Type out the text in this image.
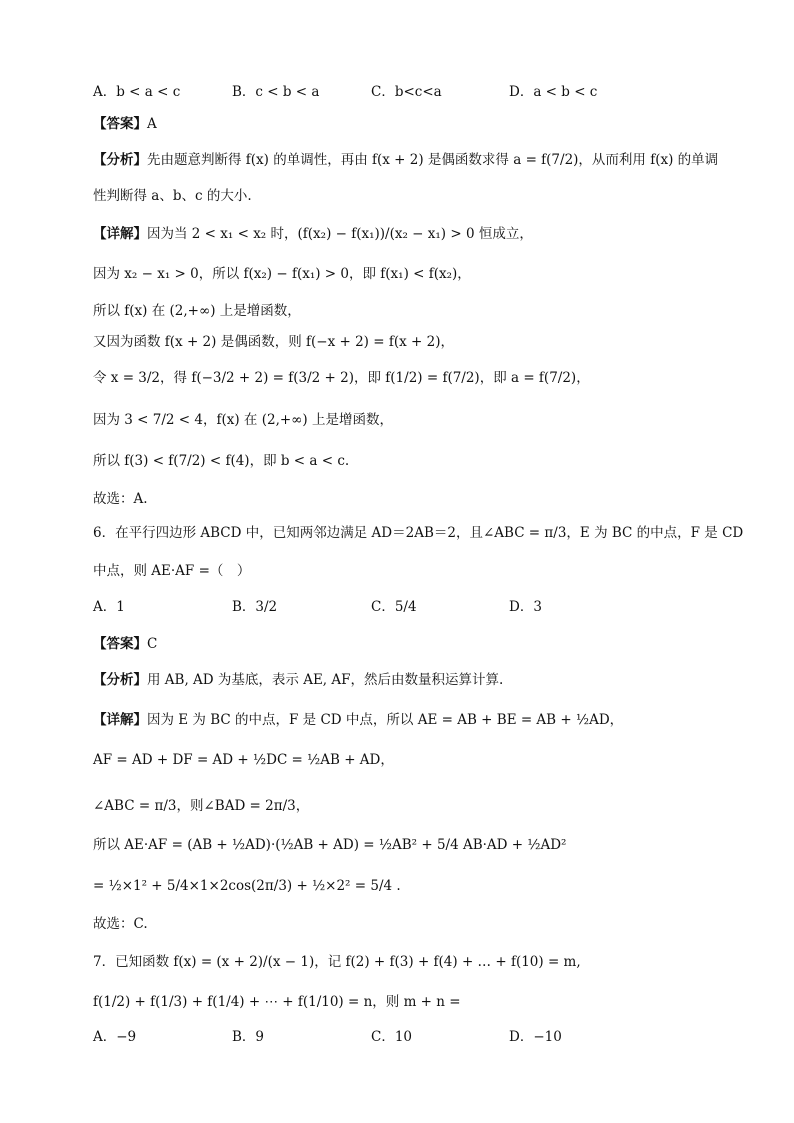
A．b < a < c	B．c < b < a	C．b<c<a	D．a < b < c
【答案】A
【分析】先由题意判断得 f(x) 的单调性，再由 f(x + 2) 是偶函数求得 a = f(7/2)，从而利用 f(x) 的单调
性判断得 a、b、c 的大小.
【详解】因为当 2 < x₁ < x₂ 时，(f(x₂) − f(x₁))/(x₂ − x₁) > 0 恒成立，
因为 x₂ − x₁ > 0，所以 f(x₂) − f(x₁) > 0，即 f(x₁) < f(x₂)，
所以 f(x) 在 (2,+∞) 上是增函数，
又因为函数 f(x + 2) 是偶函数，则 f(−x + 2) = f(x + 2)，
令 x = 3/2，得 f(−3/2 + 2) = f(3/2 + 2)，即 f(1/2) = f(7/2)，即 a = f(7/2)，
因为 3 < 7/2 < 4，f(x) 在 (2,+∞) 上是增函数，
所以 f(3) < f(7/2) < f(4)，即 b < a < c.
故选：A.
6．在平行四边形 ABCD 中，已知两邻边满足 AD＝2AB＝2，且∠ABC = π/3，E 为 BC 的中点，F 是 CD
中点，则 AE·AF =（　）
A．1	B．3/2	C．5/4	D．3
【答案】C
【分析】用 AB, AD 为基底，表示 AE, AF，然后由数量积运算计算.
【详解】因为 E 为 BC 的中点，F 是 CD 中点，所以 AE = AB + BE = AB + ½AD，
AF = AD + DF = AD + ½DC = ½AB + AD，
∠ABC = π/3，则∠BAD = 2π/3，
所以 AE·AF = (AB + ½AD)·(½AB + AD) = ½AB² + 5/4 AB·AD + ½AD²
= ½×1² + 5/4×1×2cos(2π/3) + ½×2² = 5/4 .
故选：C.
7．已知函数 f(x) = (x + 2)/(x − 1)，记 f(2) + f(3) + f(4) + … + f(10) = m,
f(1/2) + f(1/3) + f(1/4) + ⋯ + f(1/10) = n，则 m + n =
A．−9	B．9	C．10	D．−10
